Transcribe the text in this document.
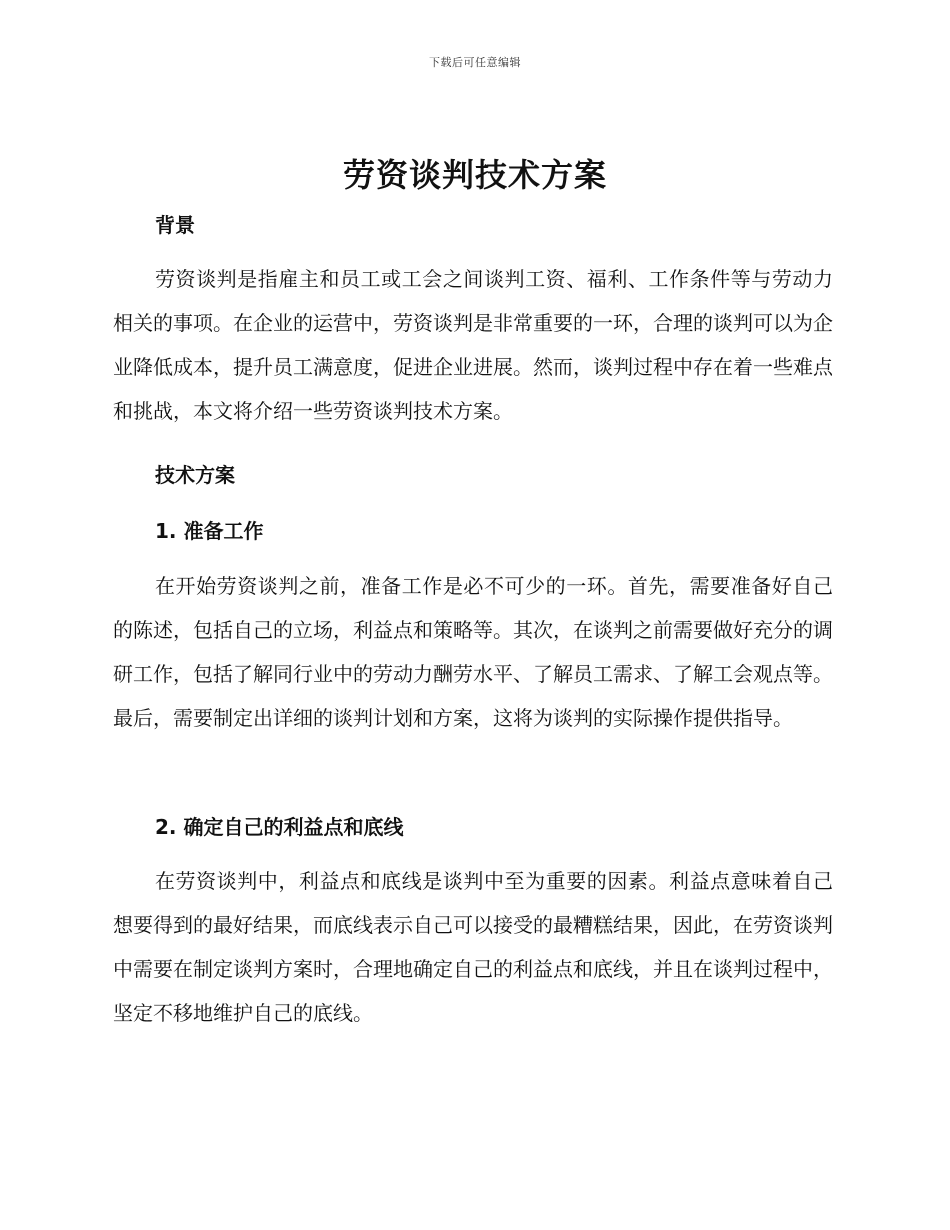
下载后可任意编辑
劳资谈判技术方案
背景

劳资谈判是指雇主和员工或工会之间谈判工资、福利、工作条件等与劳动力相关的事项。在企业的运营中，劳资谈判是非常重要的一环，合理的谈判可以为企业降低成本，提升员工满意度，促进企业进展。然而，谈判过程中存在着一些难点和挑战，本文将介绍一些劳资谈判技术方案。

技术方案
1. 准备工作

在开始劳资谈判之前，准备工作是必不可少的一环。首先，需要准备好自己的陈述，包括自己的立场，利益点和策略等。其次，在谈判之前需要做好充分的调研工作，包括了解同行业中的劳动力酬劳水平、了解员工需求、了解工会观点等。最后，需要制定出详细的谈判计划和方案，这将为谈判的实际操作提供指导。

2. 确定自己的利益点和底线

在劳资谈判中，利益点和底线是谈判中至为重要的因素。利益点意味着自己想要得到的最好结果，而底线表示自己可以接受的最糟糕结果，因此，在劳资谈判中需要在制定谈判方案时，合理地确定自己的利益点和底线，并且在谈判过程中，坚定不移地维护自己的底线。
